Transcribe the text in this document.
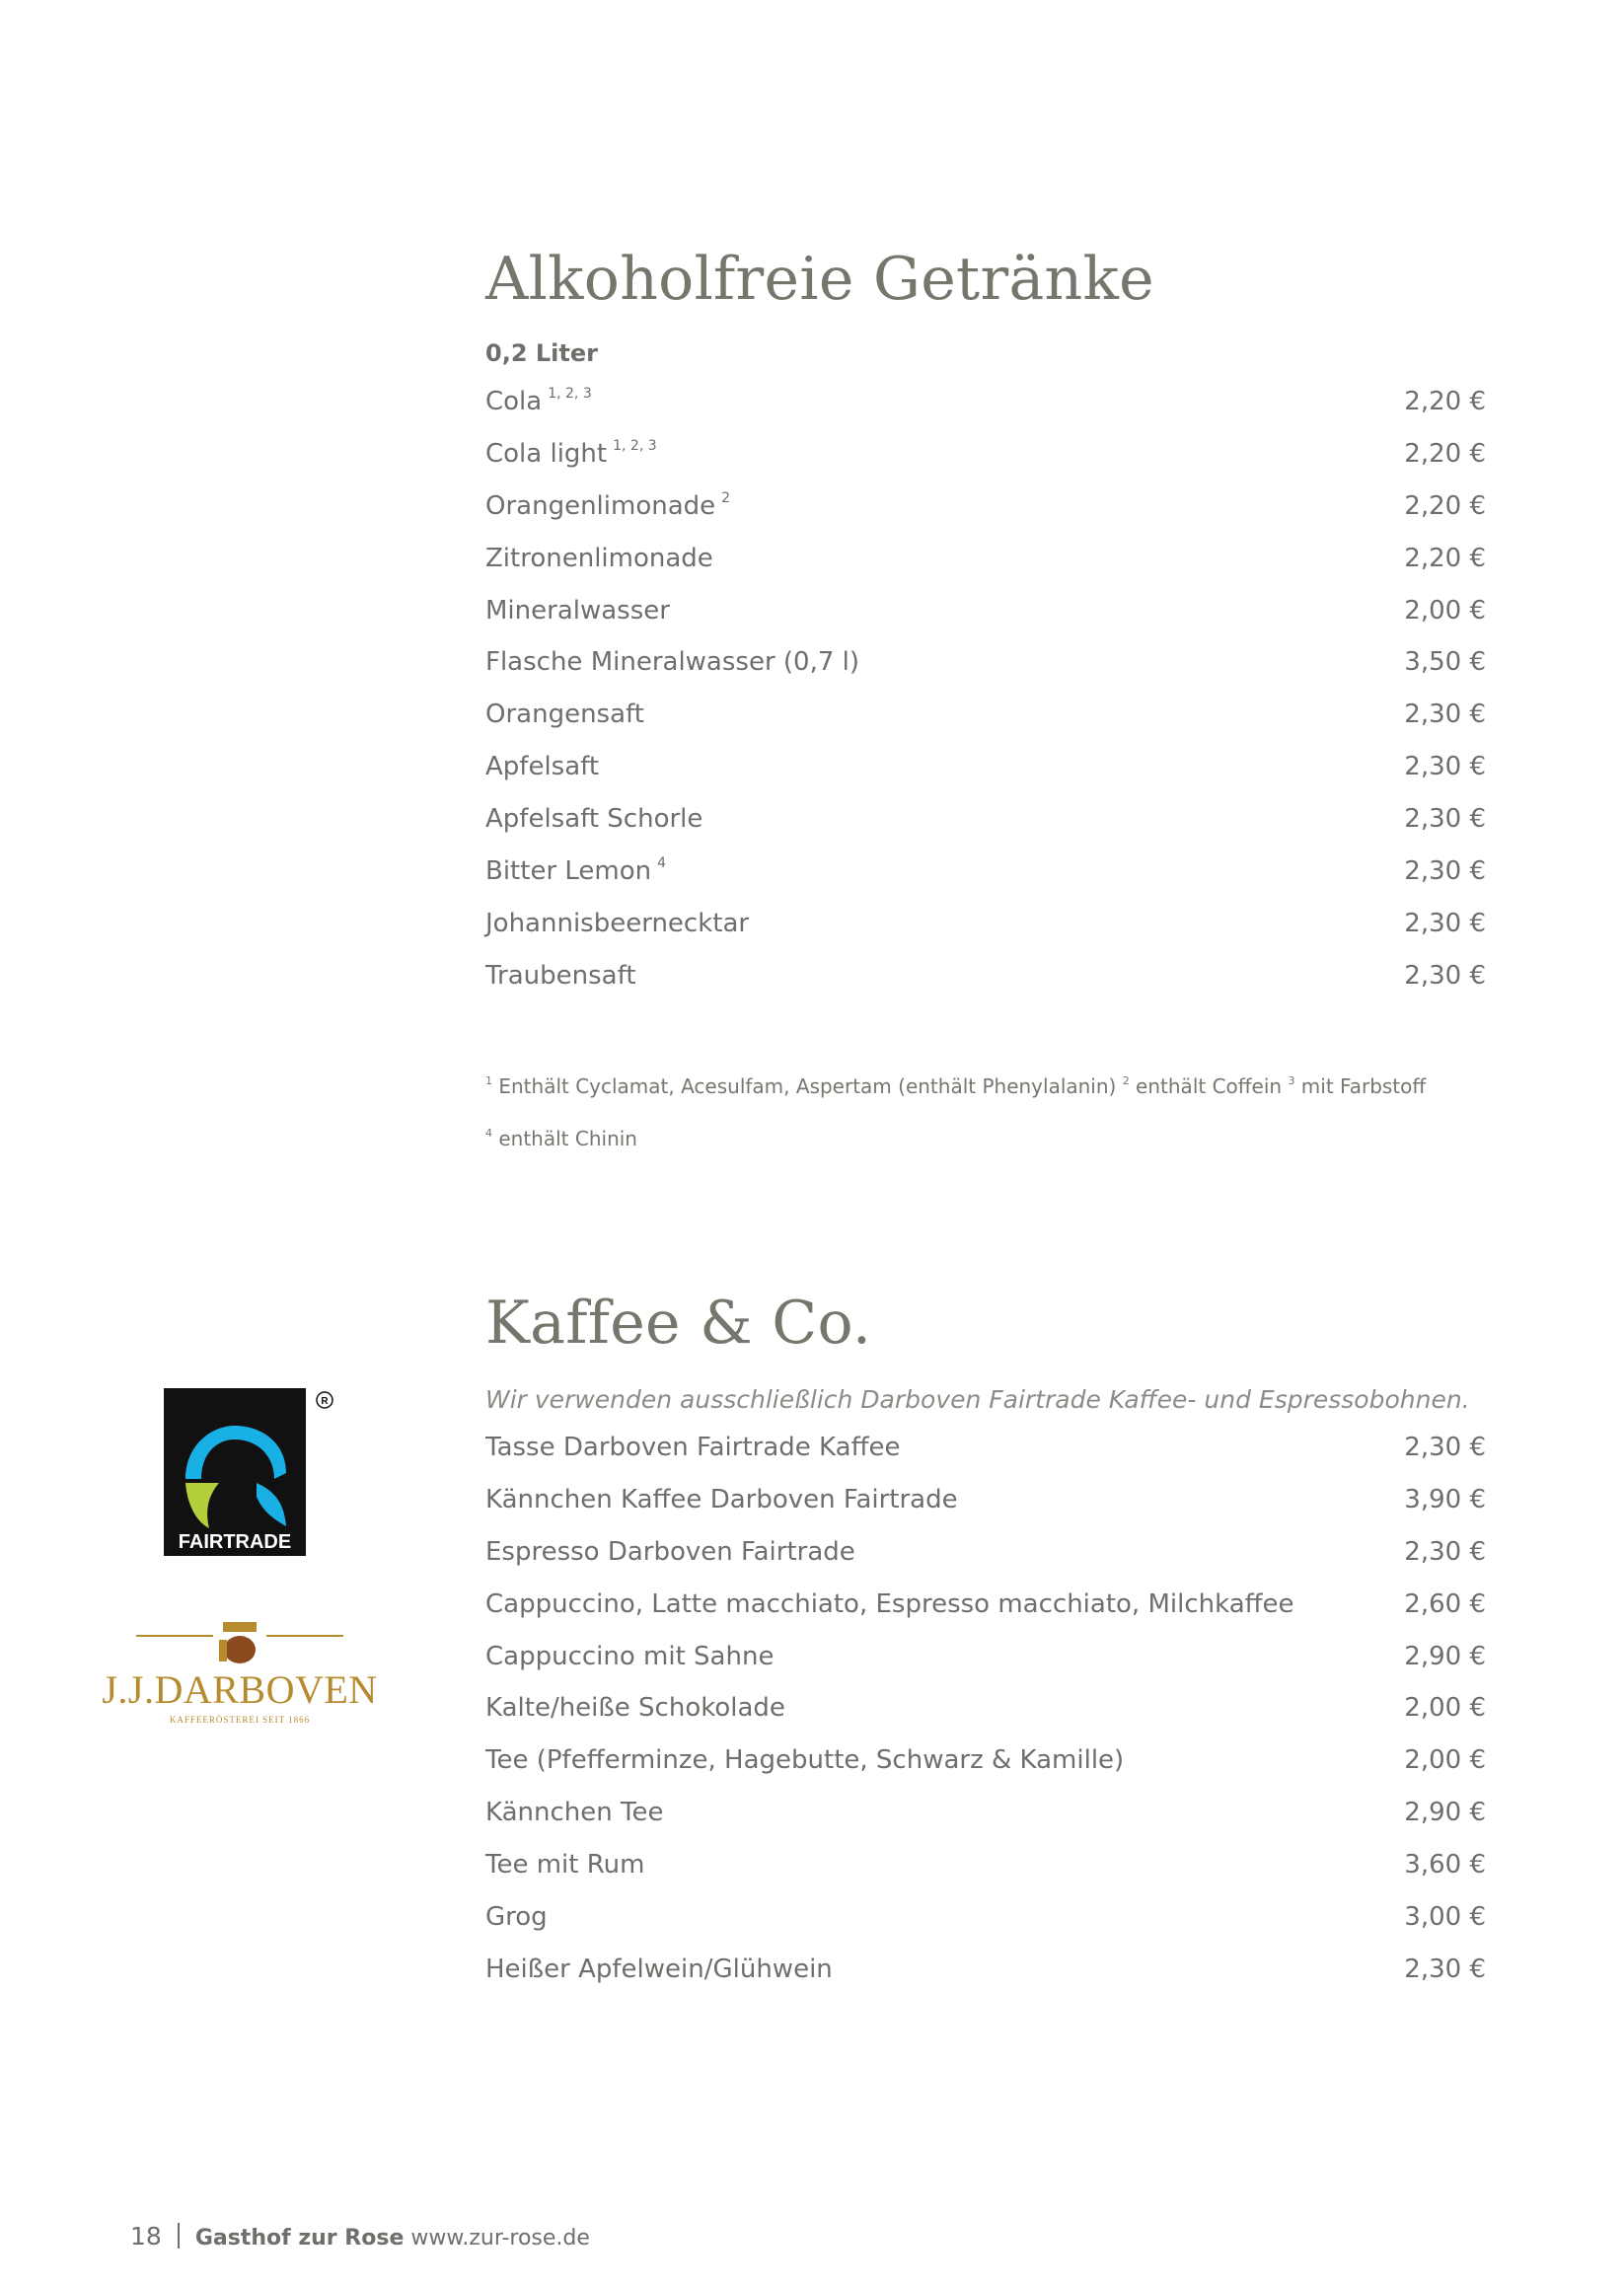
Alkoholfreie Getränke
0,2 Liter
Cola $^{1, 2, 3}$	2,20 €
Cola light $^{1, 2, 3}$	2,20 €
Orangenlimonade $^2$	2,20 €
Zitronenlimonade	2,20 €
Mineralwasser	2,00 €
Flasche Mineralwasser (0,7 l)	3,50 €
Orangensaft	2,30 €
Apfelsaft	2,30 €
Apfelsaft Schorle	2,30 €
Bitter Lemon $^4$	2,30 €
Johannisbeernecktar	2,30 €
Traubensaft	2,30 €
$^1$ Enthält Cyclamat, Acesulfam, Aspertam (enthält Phenylalanin) $^2$ enthält Coffein $^3$ mit Farbstoff
$^4$ enthält Chinin
Kaffee & Co.
Wir verwenden ausschließlich Darboven Fairtrade Kaffee- und Espressobohnen.
Tasse Darboven Fairtrade Kaffee	2,30 €
Kännchen Kaffee Darboven Fairtrade	3,90 €
Espresso Darboven Fairtrade	2,30 €
Cappuccino, Latte macchiato, Espresso macchiato, Milchkaffee	2,60 €
Cappuccino mit Sahne	2,90 €
Kalte/heiße Schokolade	2,00 €
Tee (Pfefferminze, Hagebutte, Schwarz & Kamille)	2,00 €
Kännchen Tee	2,90 €
Tee mit Rum	3,60 €
Grog	3,00 €
Heißer Apfelwein/Glühwein	2,30 €
FAIRTRADE
R
J.J.DARBOVEN
KAFFEERÖSTEREI SEIT 1866
18 Gasthof zur Rose www.zur-rose.de
